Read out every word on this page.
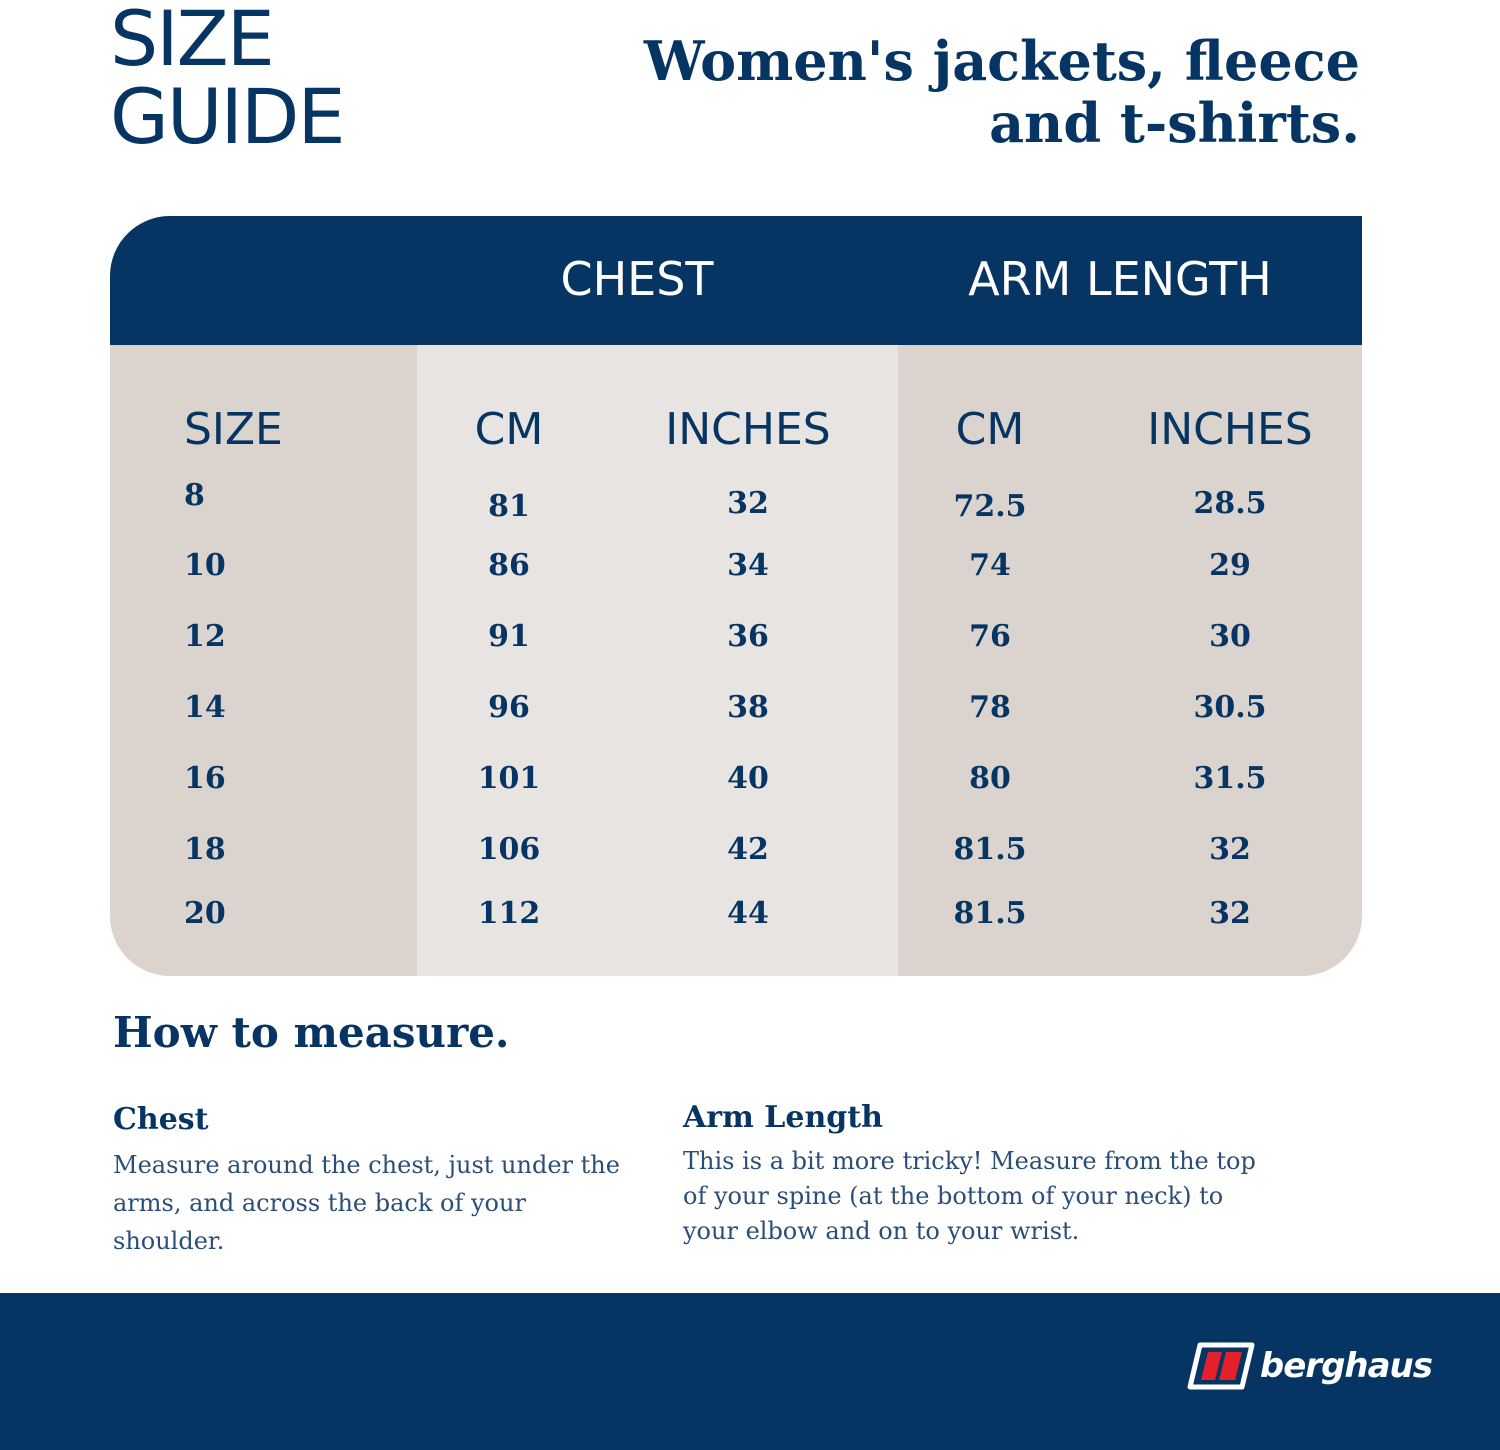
SIZE
GUIDE
Women's jackets, fleece
and t-shirts.
CHEST	ARM LENGTH
SIZE	CM	INCHES	CM	INCHES
8	81	32	72.5	28.5
10	86	34	74	29
12	91	36	76	30
14	96	38	78	30.5
16	101	40	80	31.5
18	106	42	81.5	32
20	112	44	81.5	32
How to measure.
Chest
Measure around the chest, just under the
arms, and across the back of your
shoulder.
Arm Length
This is a bit more tricky! Measure from the top
of your spine (at the bottom of your neck) to
your elbow and on to your wrist.
berghaus
